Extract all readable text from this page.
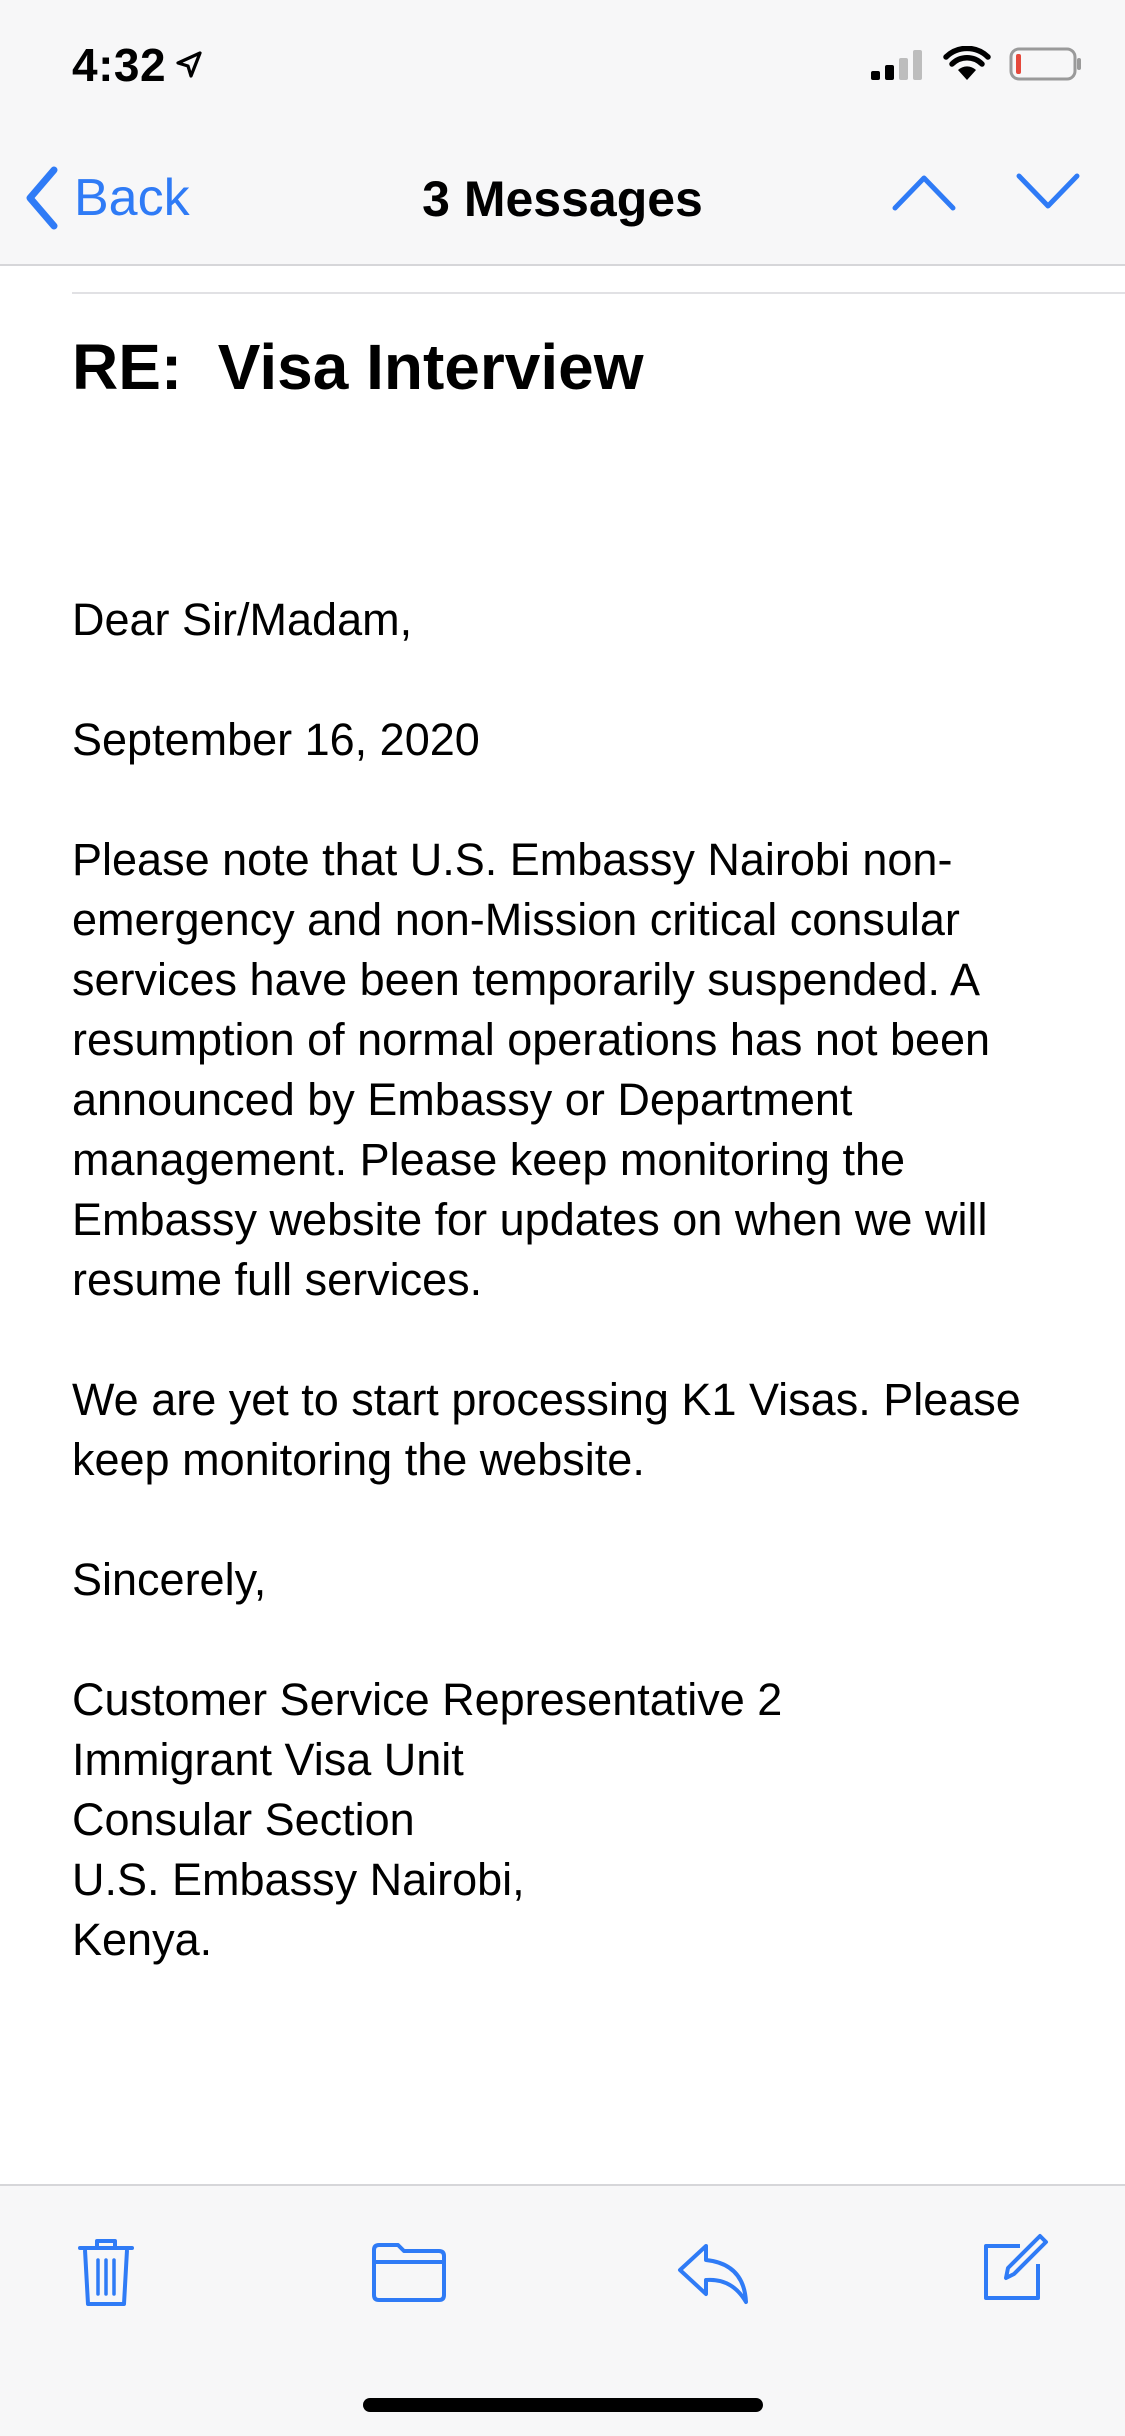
4:32
Back	3 Messages
RE:  Visa Interview

Dear Sir/Madam,

September 16, 2020

Please note that U.S. Embassy Nairobi non-emergency and non-Mission critical consular services have been temporarily suspended. A resumption of normal operations has not been announced by Embassy or Department management. Please keep monitoring the Embassy website for updates on when we will resume full services.

We are yet to start processing K1 Visas. Please keep monitoring the website.

Sincerely,

Customer Service Representative 2
Immigrant Visa Unit
Consular Section
U.S. Embassy Nairobi,
Kenya.
